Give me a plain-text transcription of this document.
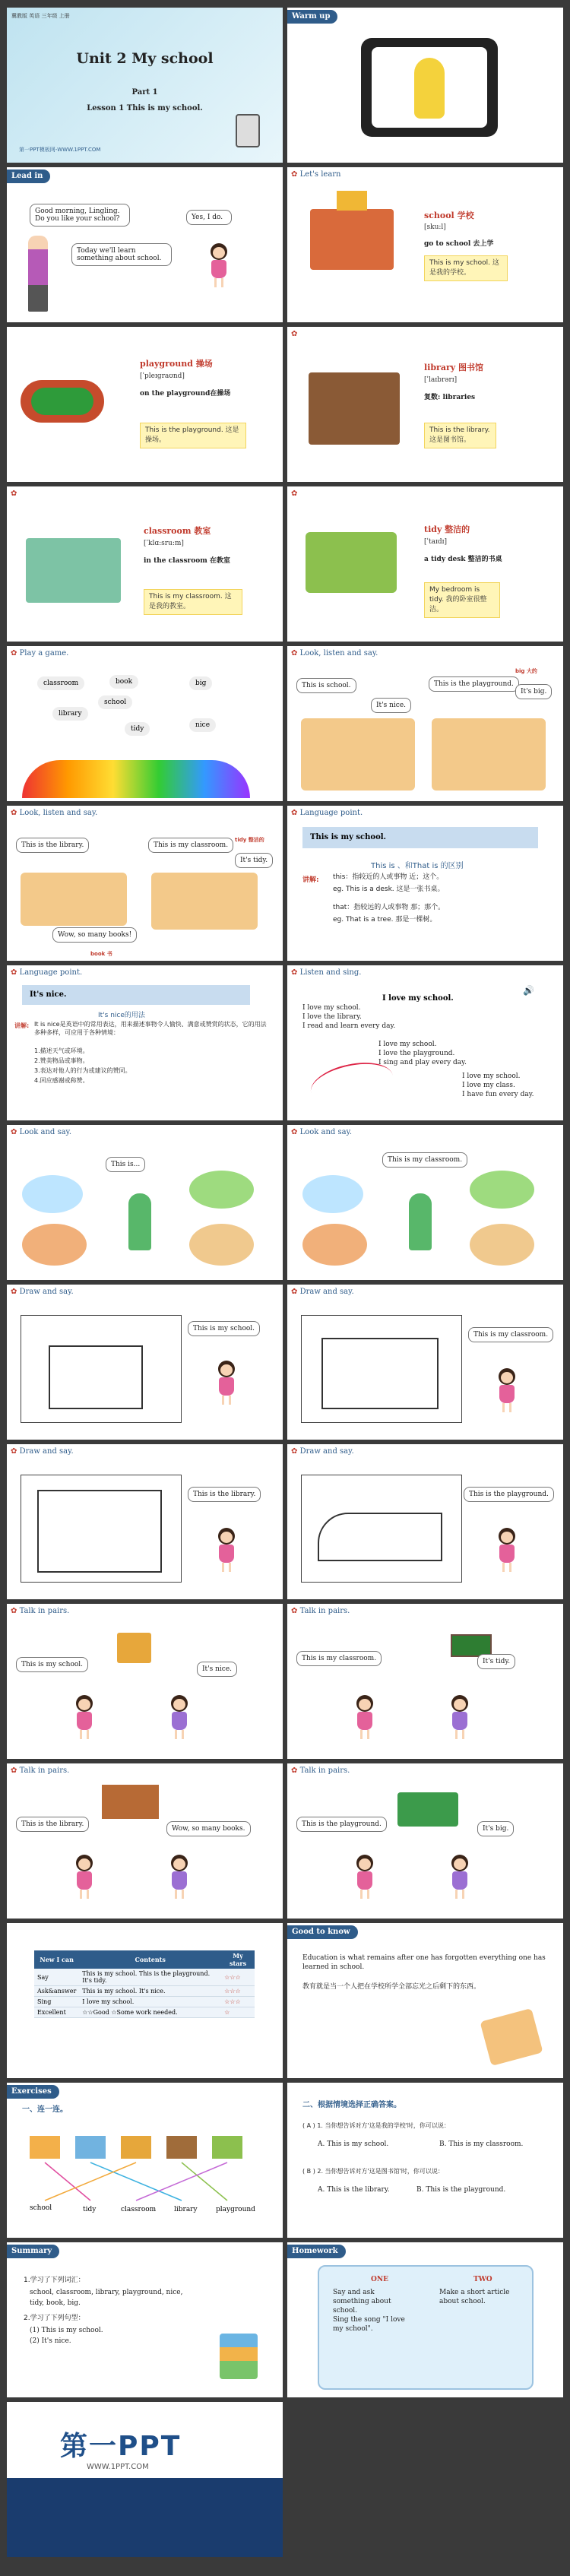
冀教版 英语 三年级 上册
Unit 2 My school
Part 1
Lesson 1 This is my school.
第一PPT模板网-WWW.1PPT.COM
Warm up
Lead in
Good morning, Lingling. Do you like your school?	Yes, I do.
Today we'll learn something about school.
✿ Let's learn
school 学校
[sku:l]
go to school 去上学
This is my school. 这是我的学校。
playground 操场
[ˈpleɪɡraʊnd]
on the playground在操场
This is the playground. 这是操场。
✿
library 图书馆
[ˈlaɪbrərɪ]
复数: libraries
This is the library. 这是图书馆。
✿
classroom 教室
[ˈklɑ:sru:m]
in the classroom 在教室
This is my classroom. 这是我的教室。
✿
tidy 整洁的
[ˈtaɪdɪ]
a tidy desk 整洁的书桌
My bedroom is tidy. 我的卧室很整洁。
✿ Play a game.
classroom	book	big
library
school
tidy	nice
✿ Look, listen and say.
This is school.	This is the playground.
It's nice.
It's big.
big 大的
✿ Look, listen and say.
This is the library.	This is my classroom.
It's tidy.
Wow, so many books!
tidy 整洁的
book 书
✿ Language point.
This is my school.
This is 、和That is 的区别
讲解: this：指较近的人或事物 近；这个。
eg. This is a desk. 这是一张书桌。
that：指较远的人或事物 那；那个。
eg. That is a tree. 那是一棵树。
✿ Language point.
It's nice.
It's nice的用法
讲解: It is nice是英语中的常用表达，用来描述事物令人愉快、满意或赞赏的状态，它的用法多种多样，可应用于各种情境：
1.描述天气或环境。
2.赞美物品或事物。
3.表达对他人的行为或建议的赞同。
4.回应感谢或称赞。
✿ Listen and sing.
🔊
I love my school.
I love my school.
I love the library.
I read and learn every day.
I love my school.
I love the playground.
I sing and play every day.
I love my school.
I love my class.
I have fun every day.
✿ Look and say.
This is...
✿ Look and say.
This is my classroom.
✿ Draw and say.
This is my school.
✿ Draw and say.
This is my classroom.
✿ Draw and say.
This is the library.
✿ Draw and say.
This is the playground.
✿ Talk in pairs.
This is my school.
It's nice.
✿ Talk in pairs.
This is my classroom.	It's tidy.
✿ Talk in pairs.
This is the library.
Wow, so many books.
✿ Talk in pairs.
This is the playground.
It's big.
New I can	Contents	My stars
Say	This is my school. This is the playground. It's tidy.	☆☆☆
Ask&answer	This is my school. It's nice.	☆☆☆
Sing	I love my school.	☆☆☆
Excellent	☆☆Good ☆Some work needed.	☆
Good to know
Education is what remains after one has forgotten everything one has learned in school.
教育就是当一个人把在学校所学全部忘光之后剩下的东西。
Exercises
一、连一连。
school	tidy	classroom	library	playground
二、根据情境选择正确答案。
( A ) 1. 当你想告诉对方'这是我的学校'时，你可以说：
A. This is my school.	B. This is my classroom.
( B ) 2. 当你想告诉对方'这是图书馆'时，你可以说：
A. This is the library.	B. This is the playground.
Summary
1.学习了下列词汇：
school, classroom, library, playground, nice,
tidy, book, big.
2.学习了下列句型：
(1) This is my school.
(2) It's nice.
Homework
ONE	TWO
Say and ask something about school.
Sing the song "I love my school".
Make a short article about school.
第一PPT
WWW.1PPT.COM
